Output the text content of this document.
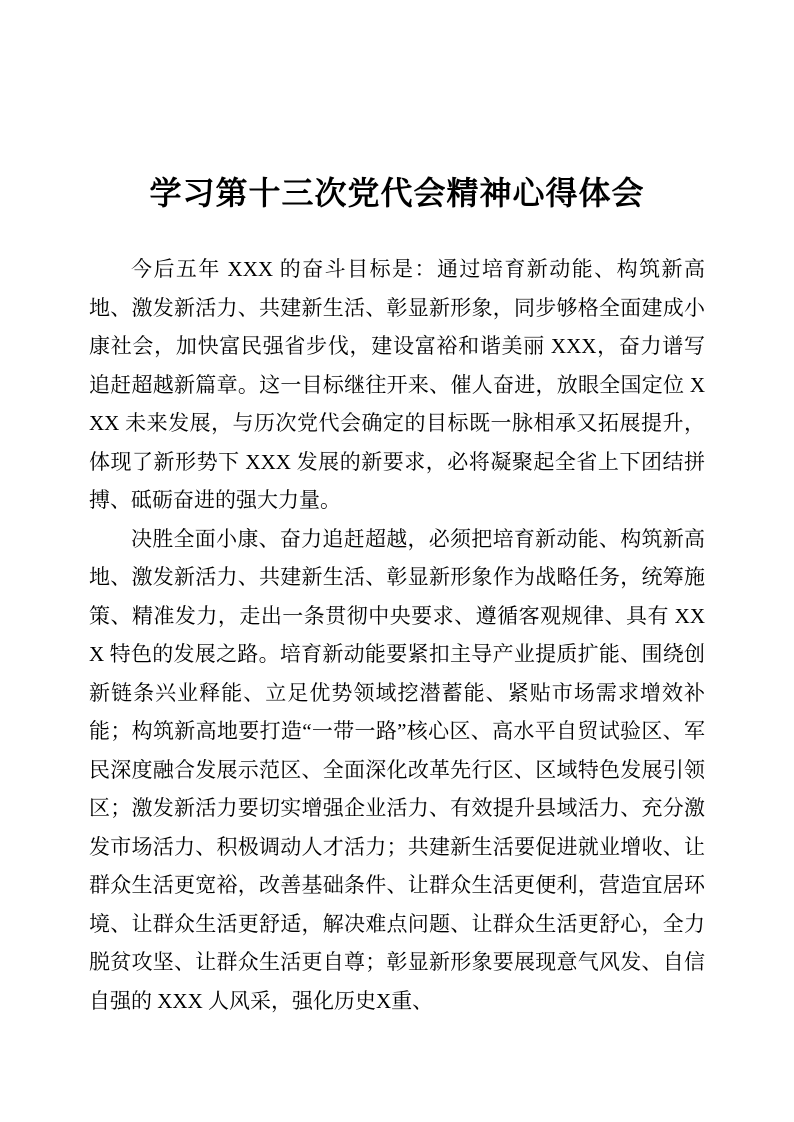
学习第十三次党代会精神心得体会

今后五年 XXX 的奋斗目标是：通过培育新动能、构筑新高地、激发新活力、共建新生活、彰显新形象，同步够格全面建成小康社会，加快富民强省步伐，建设富裕和谐美丽 XXX，奋力谱写追赶超越新篇章。这一目标继往开来、催人奋进，放眼全国定位 XXX 未来发展，与历次党代会确定的目标既一脉相承又拓展提升，体现了新形势下 XXX 发展的新要求，必将凝聚起全省上下团结拼搏、砥砺奋进的强大力量。

决胜全面小康、奋力追赶超越，必须把培育新动能、构筑新高地、激发新活力、共建新生活、彰显新形象作为战略任务，统筹施策、精准发力，走出一条贯彻中央要求、遵循客观规律、具有 XXX 特色的发展之路。培育新动能要紧扣主导产业提质扩能、围绕创新链条兴业释能、立足优势领域挖潜蓄能、紧贴市场需求增效补能；构筑新高地要打造“一带一路”核心区、高水平自贸试验区、军民深度融合发展示范区、全面深化改革先行区、区域特色发展引领区；激发新活力要切实增强企业活力、有效提升县域活力、充分激发市场活力、积极调动人才活力；共建新生活要促进就业增收、让群众生活更宽裕，改善基础条件、让群众生活更便利，营造宜居环境、让群众生活更舒适，解决难点问题、让群众生活更舒心，全力脱贫攻坚、让群众生活更自尊；彰显新形象要展现意气风发、自信自强的 XXX 人风采，强化历史X重、
